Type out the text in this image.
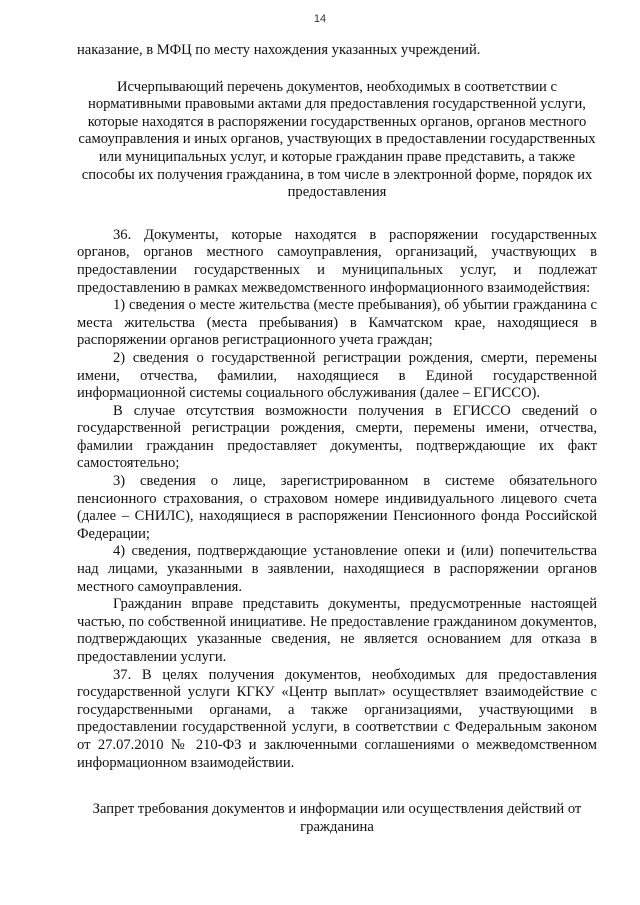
14

наказание, в МФЦ по месту нахождения указанных учреждений.

Исчерпывающий перечень документов, необходимых в соответствии с нормативными правовыми актами для предоставления государственной услуги, которые находятся в распоряжении государственных органов, органов местного самоуправления и иных органов, участвующих в предоставлении государственных или муниципальных услуг, и которые гражданин праве представить, а также способы их получения гражданина, в том числе в электронной форме, порядок их предоставления

36. Документы, которые находятся в распоряжении государственных органов, органов местного самоуправления, организаций, участвующих в предоставлении государственных и муниципальных услуг, и подлежат предоставлению в рамках межведомственного информационного взаимодействия:

1) сведения о месте жительства (месте пребывания), об убытии гражданина с места жительства (места пребывания) в Камчатском крае, находящиеся в распоряжении органов регистрационного учета граждан;

2) сведения о государственной регистрации рождения, смерти, перемены имени, отчества, фамилии, находящиеся в Единой государственной информационной системы социального обслуживания (далее – ЕГИССО).

В случае отсутствия возможности получения в ЕГИССО сведений о государственной регистрации рождения, смерти, перемены имени, отчества, фамилии гражданин предоставляет документы, подтверждающие их факт самостоятельно;

3) сведения о лице, зарегистрированном в системе обязательного пенсионного страхования, о страховом номере индивидуального лицевого счета (далее – СНИЛС), находящиеся в распоряжении Пенсионного фонда Российской Федерации;

4) сведения, подтверждающие установление опеки и (или) попечительства над лицами, указанными в заявлении, находящиеся в распоряжении органов местного самоуправления.

Гражданин вправе представить документы, предусмотренные настоящей частью, по собственной инициативе. Не предоставление гражданином документов, подтверждающих указанные сведения, не является основанием для отказа в предоставлении услуги.

37. В целях получения документов, необходимых для предоставления государственной услуги КГКУ «Центр выплат» осуществляет взаимодействие с государственными органами, а также организациями, участвующими в предоставлении государственной услуги, в соответствии с Федеральным законом от 27.07.2010 № 210-ФЗ и заключенными соглашениями о межведомственном информационном взаимодействии.

Запрет требования документов и информации или осуществления действий от гражданина
